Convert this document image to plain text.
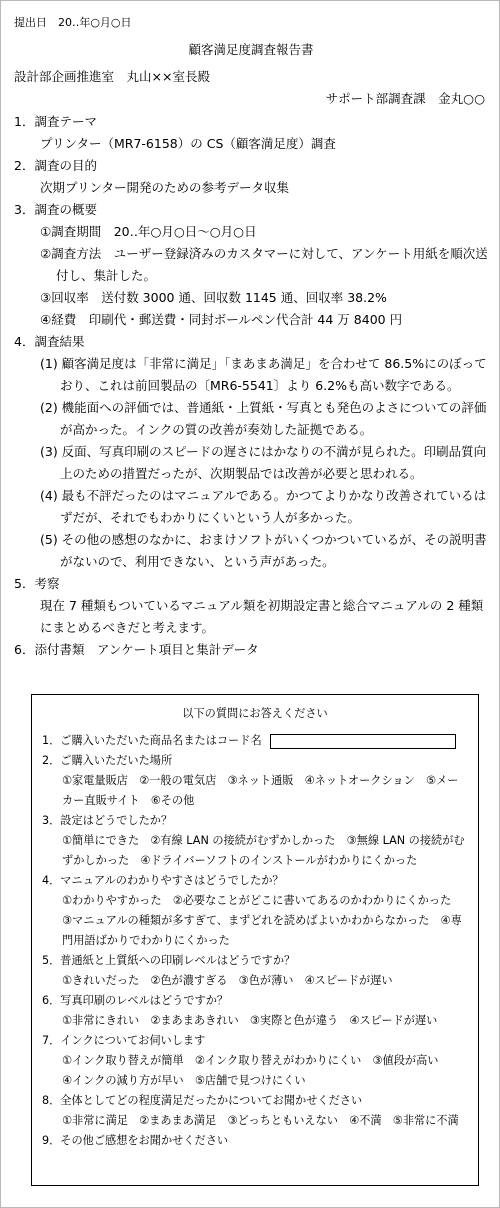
提出日　20‥年○月○日
顧客満足度調査報告書
設計部企画推進室　丸山××室長殿
サポート部調査課　金丸○○
1．調査テーマ
プリンター（MR7-6158）の CS（顧客満足度）調査
2．調査の目的
次期プリンター開発のための参考データ収集
3．調査の概要
①調査期間　20‥年○月○日～○月○日
②調査方法　ユーザー登録済みのカスタマーに対して、アンケート用紙を順次送付し、集計した。
③回収率　送付数 3000 通、回収数 1145 通、回収率 38.2%
④経費　印刷代・郵送費・同封ボールペン代合計 44 万 8400 円
4．調査結果
(1) 顧客満足度は「非常に満足」「まあまあ満足」を合わせて 86.5%にのぼっており、これは前回製品の〔MR6-5541〕より 6.2%も高い数字である。
(2) 機能面への評価では、普通紙・上質紙・写真とも発色のよさについての評価が高かった。インクの質の改善が奏効した証拠である。
(3) 反面、写真印刷のスピードの遅さにはかなりの不満が見られた。印刷品質向上のための措置だったが、次期製品では改善が必要と思われる。
(4) 最も不評だったのはマニュアルである。かつてよりかなり改善されているはずだが、それでもわかりにくいという人が多かった。
(5) その他の感想のなかに、おまけソフトがいくつかついているが、その説明書がないので、利用できない、という声があった。
5．考察
現在 7 種類もついているマニュアル類を初期設定書と総合マニュアルの 2 種類にまとめるべきだと考えます。
6．添付書類　アンケート項目と集計データ
以下の質問にお答えください
1．ご購入いただいた商品名またはコード名
2．ご購入いただいた場所
①家電量販店　②一般の電気店　③ネット通販　④ネットオークション　⑤メーカー直販サイト　⑥その他
3．設定はどうでしたか？
①簡単にできた　②有線 LAN の接続がむずかしかった　③無線 LAN の接続がむずかしかった　④ドライバーソフトのインストールがわかりにくかった
4．マニュアルのわかりやすさはどうでしたか？
①わかりやすかった　②必要なことがどこに書いてあるのかわかりにくかった　③マニュアルの種類が多すぎて、まずどれを読めばよいかわからなかった　④専門用語ばかりでわかりにくかった
5．普通紙と上質紙への印刷レベルはどうですか？
①きれいだった　②色が濃すぎる　③色が薄い　④スピードが遅い
6．写真印刷のレベルはどうですか？
①非常にきれい　②まあまあきれい　③実際と色が違う　④スピードが遅い
7．インクについてお伺いします
①インク取り替えが簡単　②インク取り替えがわかりにくい　③値段が高い
④インクの減り方が早い　⑤店舗で見つけにくい
8．全体としてどの程度満足だったかについてお聞かせください
①非常に満足　②まあまあ満足　③どっちともいえない　④不満　⑤非常に不満
9．その他ご感想をお聞かせください
